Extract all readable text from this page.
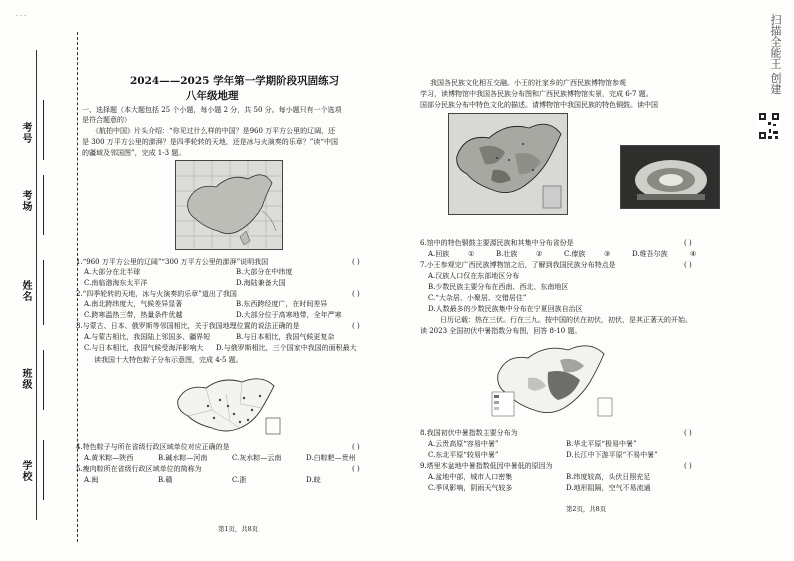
· · ·
考号
考场
姓名
班级
学校
扫描全能王 创建
2024——2025 学年第一学期阶段巩固练习
八年级地理
一、选择题（本大题包括 25 个小题，每小题 2 分，共 50 分。每小题只有一个选项
是符合题意的）
《航拍中国》片头介绍：“你见过什么样的中国？是960 万平方公里的辽阔，还
是 300 万平方公里的澎湃？是四季轮转的天地，还是冰与火演奏的乐章？”读“中国
的疆域及邻国图”，完成 1-3 题。
1.“960 万平方公里的辽阔”“300 万平方公里的澎湃”说明我国	( )
A.大部分在北半球	B.大部分在中纬度
C.南临渤海东太平洋	D.海陆兼备大国
2.“四季轮转的天地，冰与火演奏的乐章”道出了我国	( )
A.南北跨纬度大，气候差异显著	B.东西跨经度广，在时间差异
C.跨寒温热三带，热量条件优越	D.大部分位于高寒地带，全年严寒
3.与蒙古、日本、俄罗斯等邻国相比，关于我国地理位置的说法正确的是	( )
A.与蒙古相比，我国陆上邻国多、疆界短	B.与日本相比，我国气候更复杂
C.与日本相比，我国气候受海洋影响大 D.与俄罗斯相比，三个国家中我国的面积最大
读我国十大特色粽子分布示意图，完成 4-5 题。
4.特色粽子与所在省级行政区域单位对应正确的是	( )
A.黄米粽—陕西	B.碱水粽—河南	C.灰水粽—云南	D.白粽粑—贵州
5.瘦肉粽所在省级行政区域单位的简称为	( )
A.闽	B.赣	C.浙	D.皖
第1页，共8页
我国各民族文化相互交融。小王的社家乡的广西民族博物馆参观
学习，读博物馆中我国各民族分布图和广西民族博物馆实景，完成 6-7 题。
国部分民族分布中特色文化的描述。请博物馆中我国民族的特色铜鼓。读中国
6.馆中的特色铜鼓主要源民族和其集中分布省份是	( )
A.回族	①	B.壮族	②	C.傣族	③	D.维吾尔族	④
7.小王参观完广西民族博物馆之后，了解到我国民族分布特点是	( )
A.汉族人口仅在东部地区分布
B.少数民族主要分布在西南、西北、东南地区
C.“大杂居、小聚居、交错居住”
D.人数最多的少数民族集中分布在宁夏回族自治区
日历记载：热在三伏。行在三九。按中国的伏在初伏，初伏，是其正著天的开始。
读 2023 全国初伏中暑指数分布图，回答 8-10 题。
8.我国初伏中暑指数主要分布为	( )
A.云贵高原“容易中暑”	B.华北平原“极易中暑”
C.东北平原“较易中暑”	D.长江中下游平原“不易中暑”
9.塔里木盆地中暑指数低因中暑低的原因为	( )
A.盆地中部，城市人口密集	B.纬度较高，头伏日照充足
C.季风影响，阴雨天气较多	D.地形阻隔，空气不易流通
第2页，共8页
